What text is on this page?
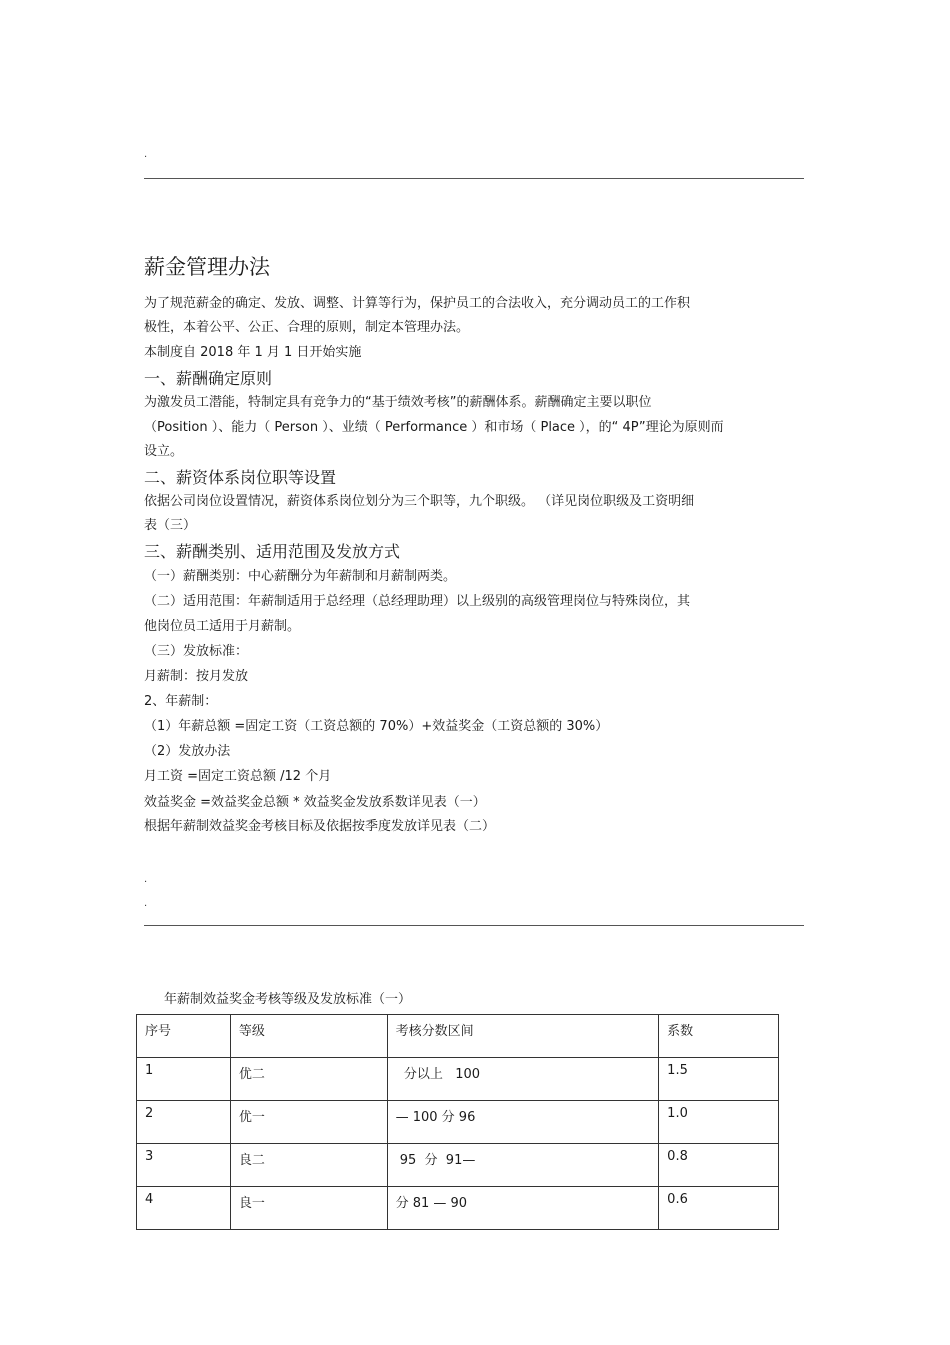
.
薪金管理办法
为了规范薪金的确定、发放、调整、计算等行为，保护员工的合法收入，充分调动员工的工作积
极性，本着公平、公正、合理的原则，制定本管理办法。
本制度自 2018 年 1 月 1 日开始实施
一、薪酬确定原则
为激发员工潜能，特制定具有竞争力的“基于绩效考核”的薪酬体系。薪酬确定主要以职位
（Position ）、能力（ Person ）、业绩（ Performance ）和市场（ Place ），的“ 4P”理论为原则而
设立。
二、薪资体系岗位职等设置
依据公司岗位设置情况，薪资体系岗位划分为三个职等，九个职级。 （详见岗位职级及工资明细
表（三）
三、薪酬类别、适用范围及发放方式
（一）薪酬类别：中心薪酬分为年薪制和月薪制两类。
（二）适用范围：年薪制适用于总经理（总经理助理）以上级别的高级管理岗位与特殊岗位，其
他岗位员工适用于月薪制。
（三）发放标准：
月薪制：按月发放
2、年薪制：
（1）年薪总额 =固定工资（工资总额的 70%）+效益奖金（工资总额的 30%）
（2）发放办法
月工资 =固定工资总额 /12 个月
效益奖金 =效益奖金总额 * 效益奖金发放系数详见表（一）
根据年薪制效益奖金考核目标及依据按季度发放详见表（二）
.
.
年薪制效益奖金考核等级及发放标准（一）
序号	等级	考核分数区间	系数
1	优二	分以上   100	1.5
2	优一	— 100 分 96	1.0
3	良二	95  分  91—	0.8
4	良一	分 81 — 90	0.6
